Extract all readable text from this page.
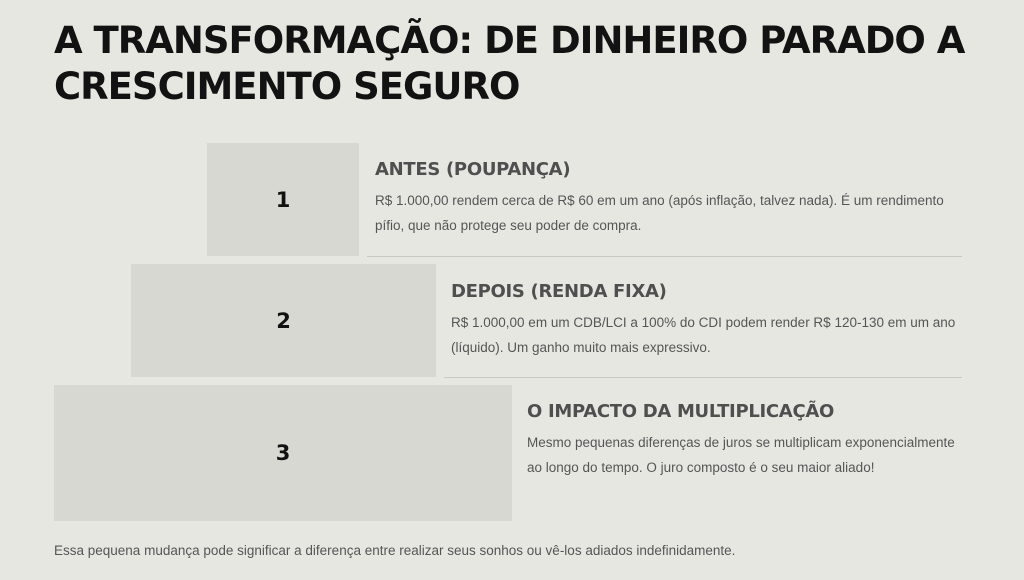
A TRANSFORMAÇÃO: DE DINHEIRO PARADO A CRESCIMENTO SEGURO
1
ANTES (POUPANÇA)

R$ 1.000,00 rendem cerca de R$ 60 em um ano (após inflação, talvez nada). É um rendimento pífio, que não protege seu poder de compra.

2
DEPOIS (RENDA FIXA)

R$ 1.000,00 em um CDB/LCI a 100% do CDI podem render R$ 120-130 em um ano (líquido). Um ganho muito mais expressivo.

3
O IMPACTO DA MULTIPLICAÇÃO

Mesmo pequenas diferenças de juros se multiplicam exponencialmente ao longo do tempo. O juro composto é o seu maior aliado!

Essa pequena mudança pode significar a diferença entre realizar seus sonhos ou vê-los adiados indefinidamente.
